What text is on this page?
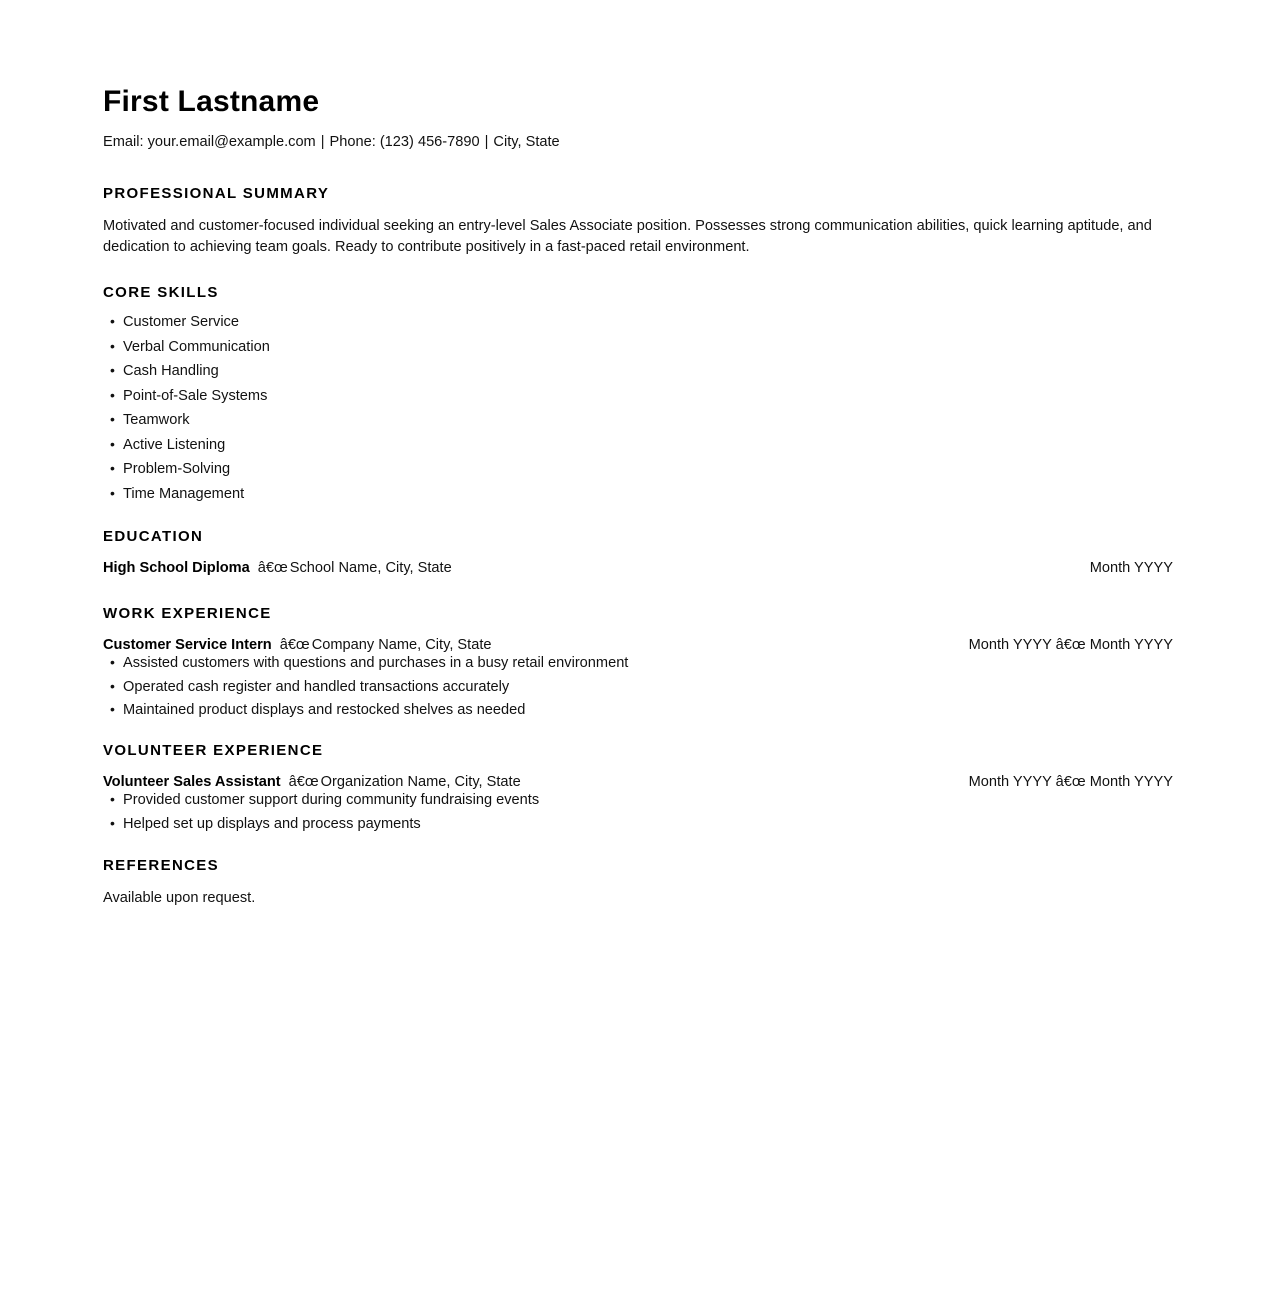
First Lastname
Email: your.email@example.com | Phone: (123) 456-7890 | City, State
PROFESSIONAL SUMMARY

Motivated and customer-focused individual seeking an entry-level Sales Associate position. Possesses strong communication abilities, quick learning aptitude, and dedication to achieving team goals. Ready to contribute positively in a fast-paced retail environment.

CORE SKILLS
• Customer Service
• Verbal Communication
• Cash Handling
• Point-of-Sale Systems
• Teamwork
• Active Listening
• Problem-Solving
• Time Management
EDUCATION
High School Diploma â€œ School Name, City, State	Month YYYY
WORK EXPERIENCE
Customer Service Intern â€œ Company Name, City, State	Month YYYY â€œ Month YYYY
• Assisted customers with questions and purchases in a busy retail environment
• Operated cash register and handled transactions accurately
• Maintained product displays and restocked shelves as needed
VOLUNTEER EXPERIENCE
Volunteer Sales Assistant â€œ Organization Name, City, State	Month YYYY â€œ Month YYYY
• Provided customer support during community fundraising events
• Helped set up displays and process payments
REFERENCES

Available upon request.
